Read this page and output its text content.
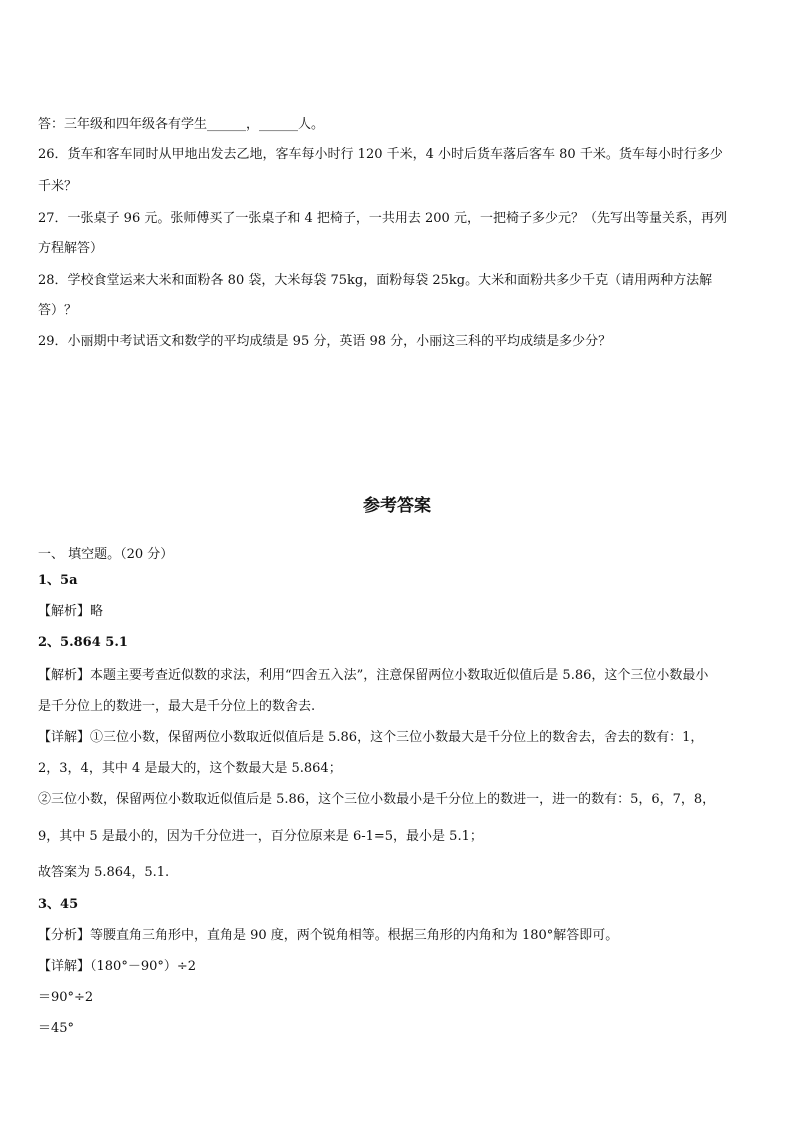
答：三年级和四年级各有学生______，______人。
26．货车和客车同时从甲地出发去乙地，客车每小时行 120 千米，4 小时后货车落后客车 80 千米。货车每小时行多少
千米？
27．一张桌子 96 元。张师傅买了一张桌子和 4 把椅子，一共用去 200 元，一把椅子多少元？（先写出等量关系，再列
方程解答）
28．学校食堂运来大米和面粉各 80 袋，大米每袋 75kg，面粉每袋 25kg。大米和面粉共多少千克（请用两种方法解
答）？
29．小丽期中考试语文和数学的平均成绩是 95 分，英语 98 分，小丽这三科的平均成绩是多少分？
参考答案
一、 填空题。（20 分）
1、5a
【解析】略
2、5.864 5.1
【解析】本题主要考查近似数的求法，利用“四舍五入法”，注意保留两位小数取近似值后是 5.86，这个三位小数最小
是千分位上的数进一，最大是千分位上的数舍去.
【详解】①三位小数，保留两位小数取近似值后是 5.86，这个三位小数最大是千分位上的数舍去，舍去的数有：1，
2，3，4，其中 4 是最大的，这个数最大是 5.864；
②三位小数，保留两位小数取近似值后是 5.86，这个三位小数最小是千分位上的数进一，进一的数有：5，6，7，8，
9，其中 5 是最小的，因为千分位进一，百分位原来是 6-1=5，最小是 5.1；
故答案为 5.864，5.1.
3、45
【分析】等腰直角三角形中，直角是 90 度，两个锐角相等。根据三角形的内角和为 180°解答即可。
【详解】（180°－90°）÷2
＝90°÷2
＝45°
